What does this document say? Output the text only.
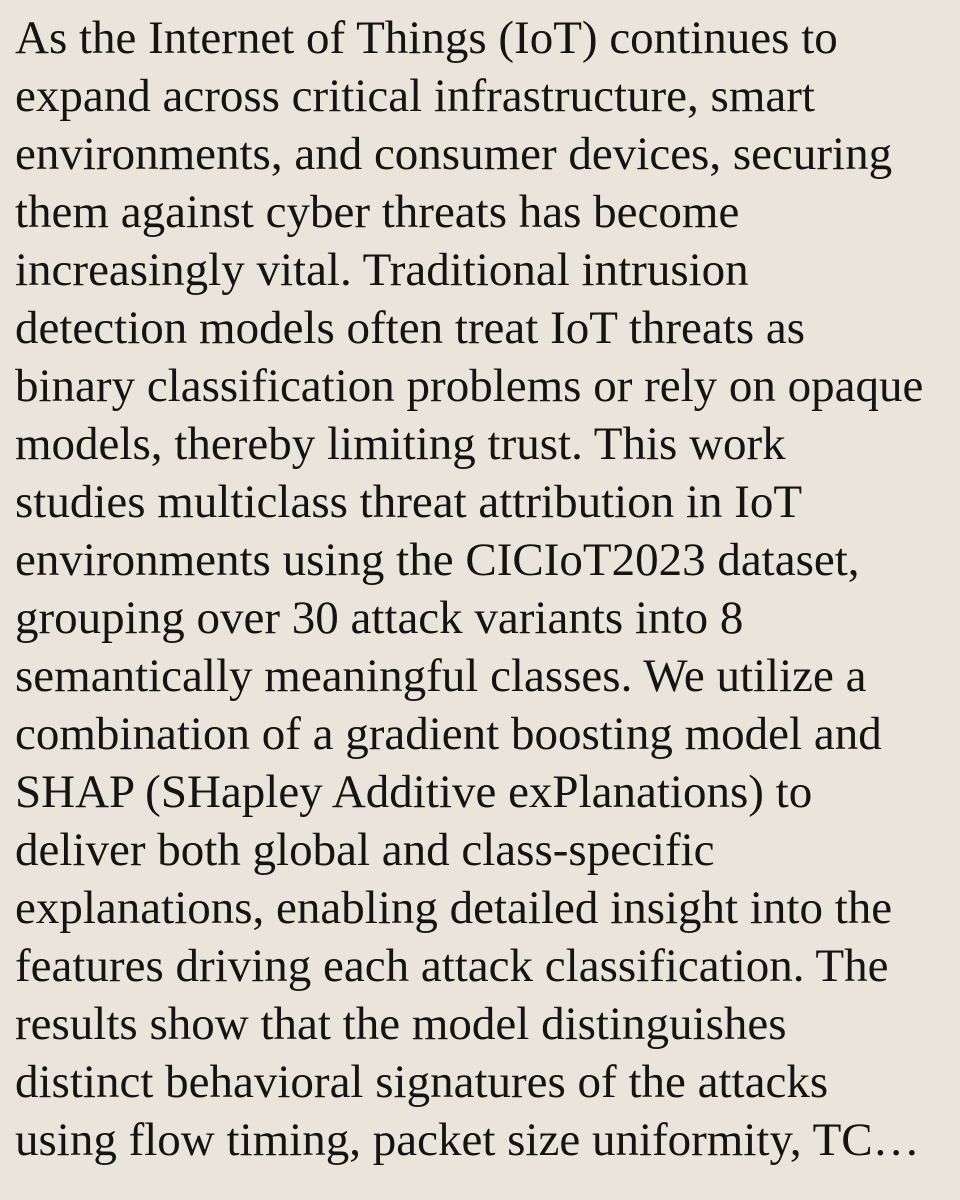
As the Internet of Things (IoT) continues to
expand across critical infrastructure, smart
environments, and consumer devices, securing
them against cyber threats has become
increasingly vital. Traditional intrusion
detection models often treat IoT threats as
binary classification problems or rely on opaque
models, thereby limiting trust. This work
studies multiclass threat attribution in IoT
environments using the CICIoT2023 dataset,
grouping over 30 attack variants into 8
semantically meaningful classes. We utilize a
combination of a gradient boosting model and
SHAP (SHapley Additive exPlanations) to
deliver both global and class-specific
explanations, enabling detailed insight into the
features driving each attack classification. The
results show that the model distinguishes
distinct behavioral signatures of the attacks
using flow timing, packet size uniformity, TC…
